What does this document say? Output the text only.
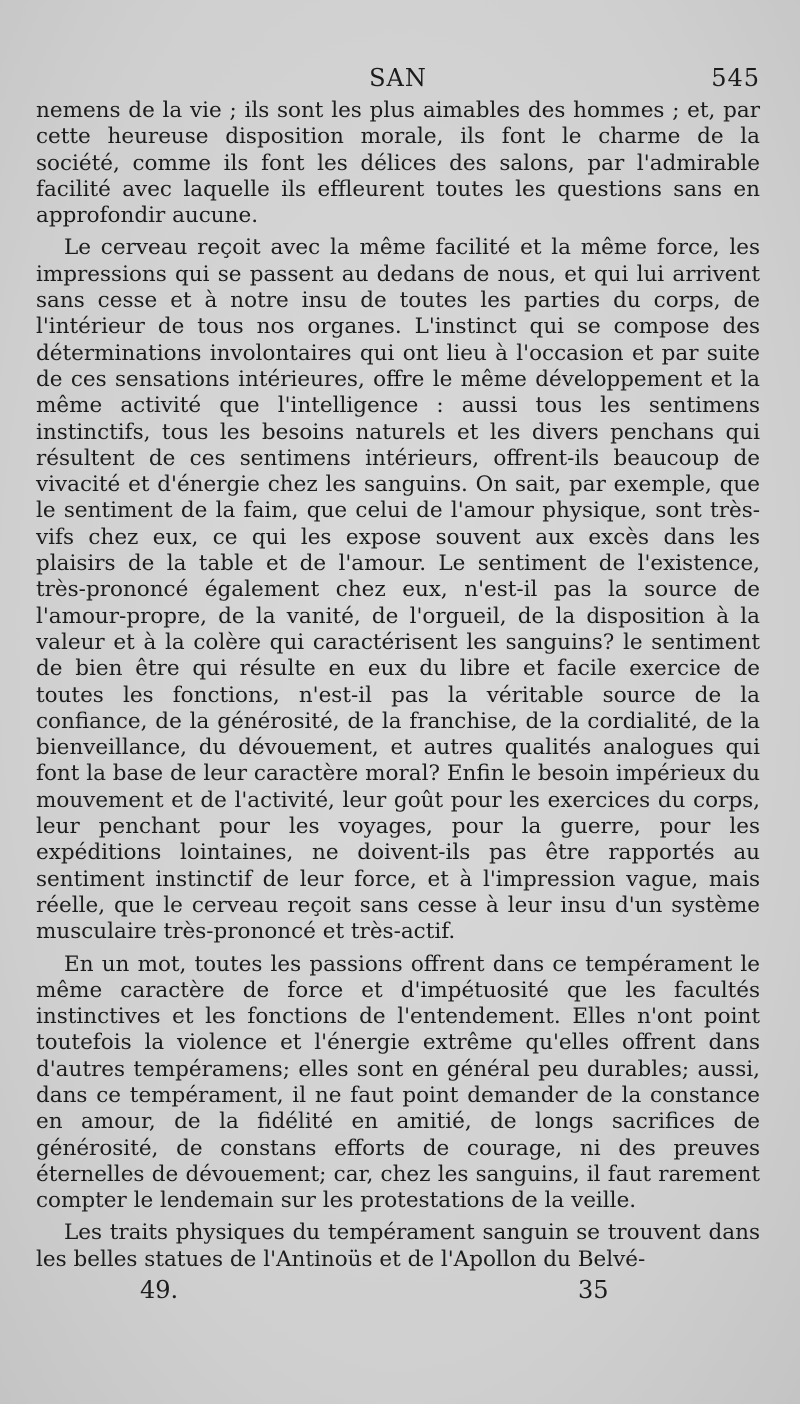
SAN	545

nemens de la vie ; ils sont les plus aimables des hommes ; et, par cette heureuse disposition morale, ils font le charme de la société, comme ils font les délices des salons, par l'admirable facilité avec laquelle ils effleurent toutes les questions sans en approfondir aucune.

Le cerveau reçoit avec la même facilité et la même force, les impressions qui se passent au dedans de nous, et qui lui arrivent sans cesse et à notre insu de toutes les parties du corps, de l'intérieur de tous nos organes. L'instinct qui se compose des déterminations involontaires qui ont lieu à l'occasion et par suite de ces sensations intérieures, offre le même développement et la même activité que l'intelligence : aussi tous les sentimens instinctifs, tous les besoins naturels et les divers penchans qui résultent de ces sentimens intérieurs, offrent-ils beaucoup de vivacité et d'énergie chez les sanguins. On sait, par exemple, que le sentiment de la faim, que celui de l'amour physique, sont très-vifs chez eux, ce qui les expose souvent aux excès dans les plaisirs de la table et de l'amour. Le sentiment de l'existence, très-prononcé également chez eux, n'est-il pas la source de l'amour-propre, de la vanité, de l'orgueil, de la disposition à la valeur et à la colère qui caractérisent les sanguins? le sentiment de bien être qui résulte en eux du libre et facile exercice de toutes les fonctions, n'est-il pas la véritable source de la confiance, de la générosité, de la franchise, de la cordialité, de la bienveillance, du dévouement, et autres qualités analogues qui font la base de leur caractère moral? Enfin le besoin impérieux du mouvement et de l'activité, leur goût pour les exercices du corps, leur penchant pour les voyages, pour la guerre, pour les expéditions lointaines, ne doivent-ils pas être rapportés au sentiment instinctif de leur force, et à l'impression vague, mais réelle, que le cerveau reçoit sans cesse à leur insu d'un système musculaire très-prononcé et très-actif.

En un mot, toutes les passions offrent dans ce tempérament le même caractère de force et d'impétuosité que les facultés instinctives et les fonctions de l'entendement. Elles n'ont point toutefois la violence et l'énergie extrême qu'elles offrent dans d'autres tempéramens; elles sont en général peu durables; aussi, dans ce tempérament, il ne faut point demander de la constance en amour, de la fidélité en amitié, de longs sacrifices de générosité, de constans efforts de courage, ni des preuves éternelles de dévouement; car, chez les sanguins, il faut rarement compter le lendemain sur les protestations de la veille.

Les traits physiques du tempérament sanguin se trouvent dans les belles statues de l'Antinoüs et de l'Apollon du Belvé-

49.	35
